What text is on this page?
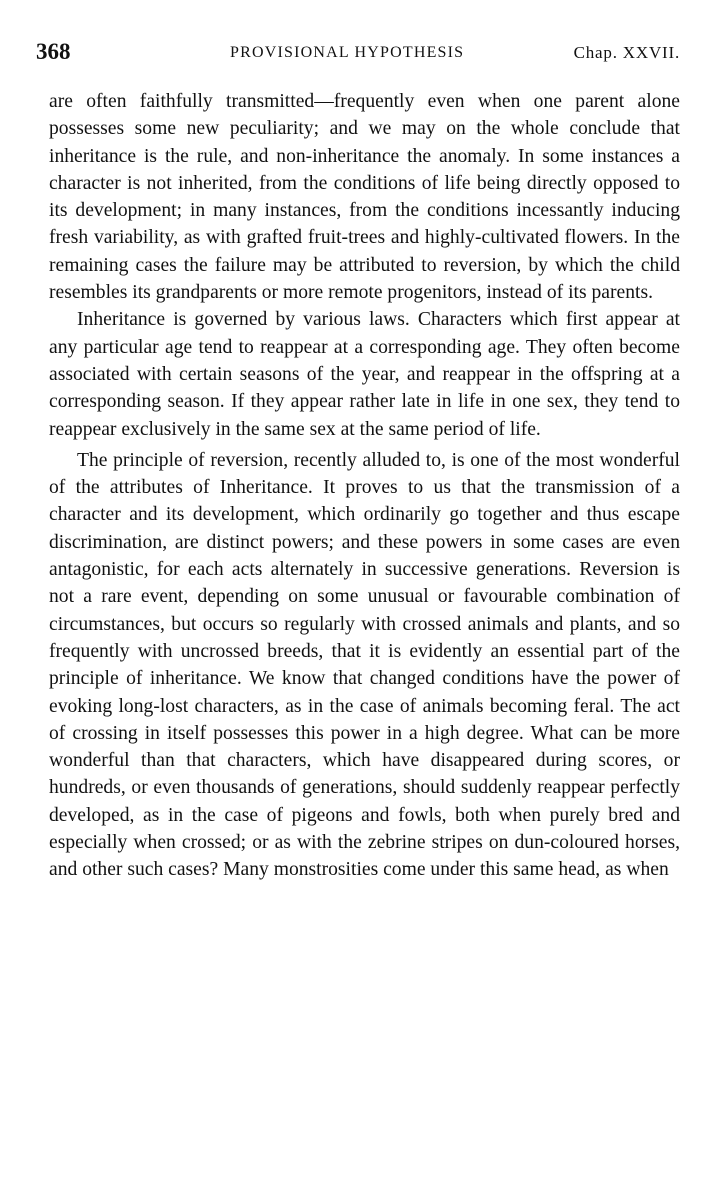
368	PROVISIONAL HYPOTHESIS	Chap. XXVII.

are often faithfully transmitted—frequently even when one parent alone possesses some new peculiarity; and we may on the whole conclude that inheritance is the rule, and non-inheritance the anomaly. In some instances a character is not inherited, from the conditions of life being directly opposed to its development; in many instances, from the conditions incessantly inducing fresh variability, as with grafted fruit-trees and highly-cultivated flowers. In the remaining cases the failure may be attributed to reversion, by which the child resembles its grandparents or more remote progenitors, instead of its parents.

Inheritance is governed by various laws. Characters which first appear at any particular age tend to reappear at a corresponding age. They often become associated with certain seasons of the year, and reappear in the offspring at a corresponding season. If they appear rather late in life in one sex, they tend to reappear exclusively in the same sex at the same period of life.

The principle of reversion, recently alluded to, is one of the most wonderful of the attributes of Inheritance. It proves to us that the transmission of a character and its development, which ordinarily go together and thus escape discrimination, are distinct powers; and these powers in some cases are even antagonistic, for each acts alternately in successive generations. Reversion is not a rare event, depending on some unusual or favourable combination of circumstances, but occurs so regularly with crossed animals and plants, and so frequently with uncrossed breeds, that it is evidently an essential part of the principle of inheritance. We know that changed conditions have the power of evoking long-lost characters, as in the case of animals becoming feral. The act of crossing in itself possesses this power in a high degree. What can be more wonderful than that characters, which have disappeared during scores, or hundreds, or even thousands of generations, should suddenly reappear perfectly developed, as in the case of pigeons and fowls, both when purely bred and especially when crossed; or as with the zebrine stripes on dun-coloured horses, and other such cases? Many monstrosities come under this same head, as when
